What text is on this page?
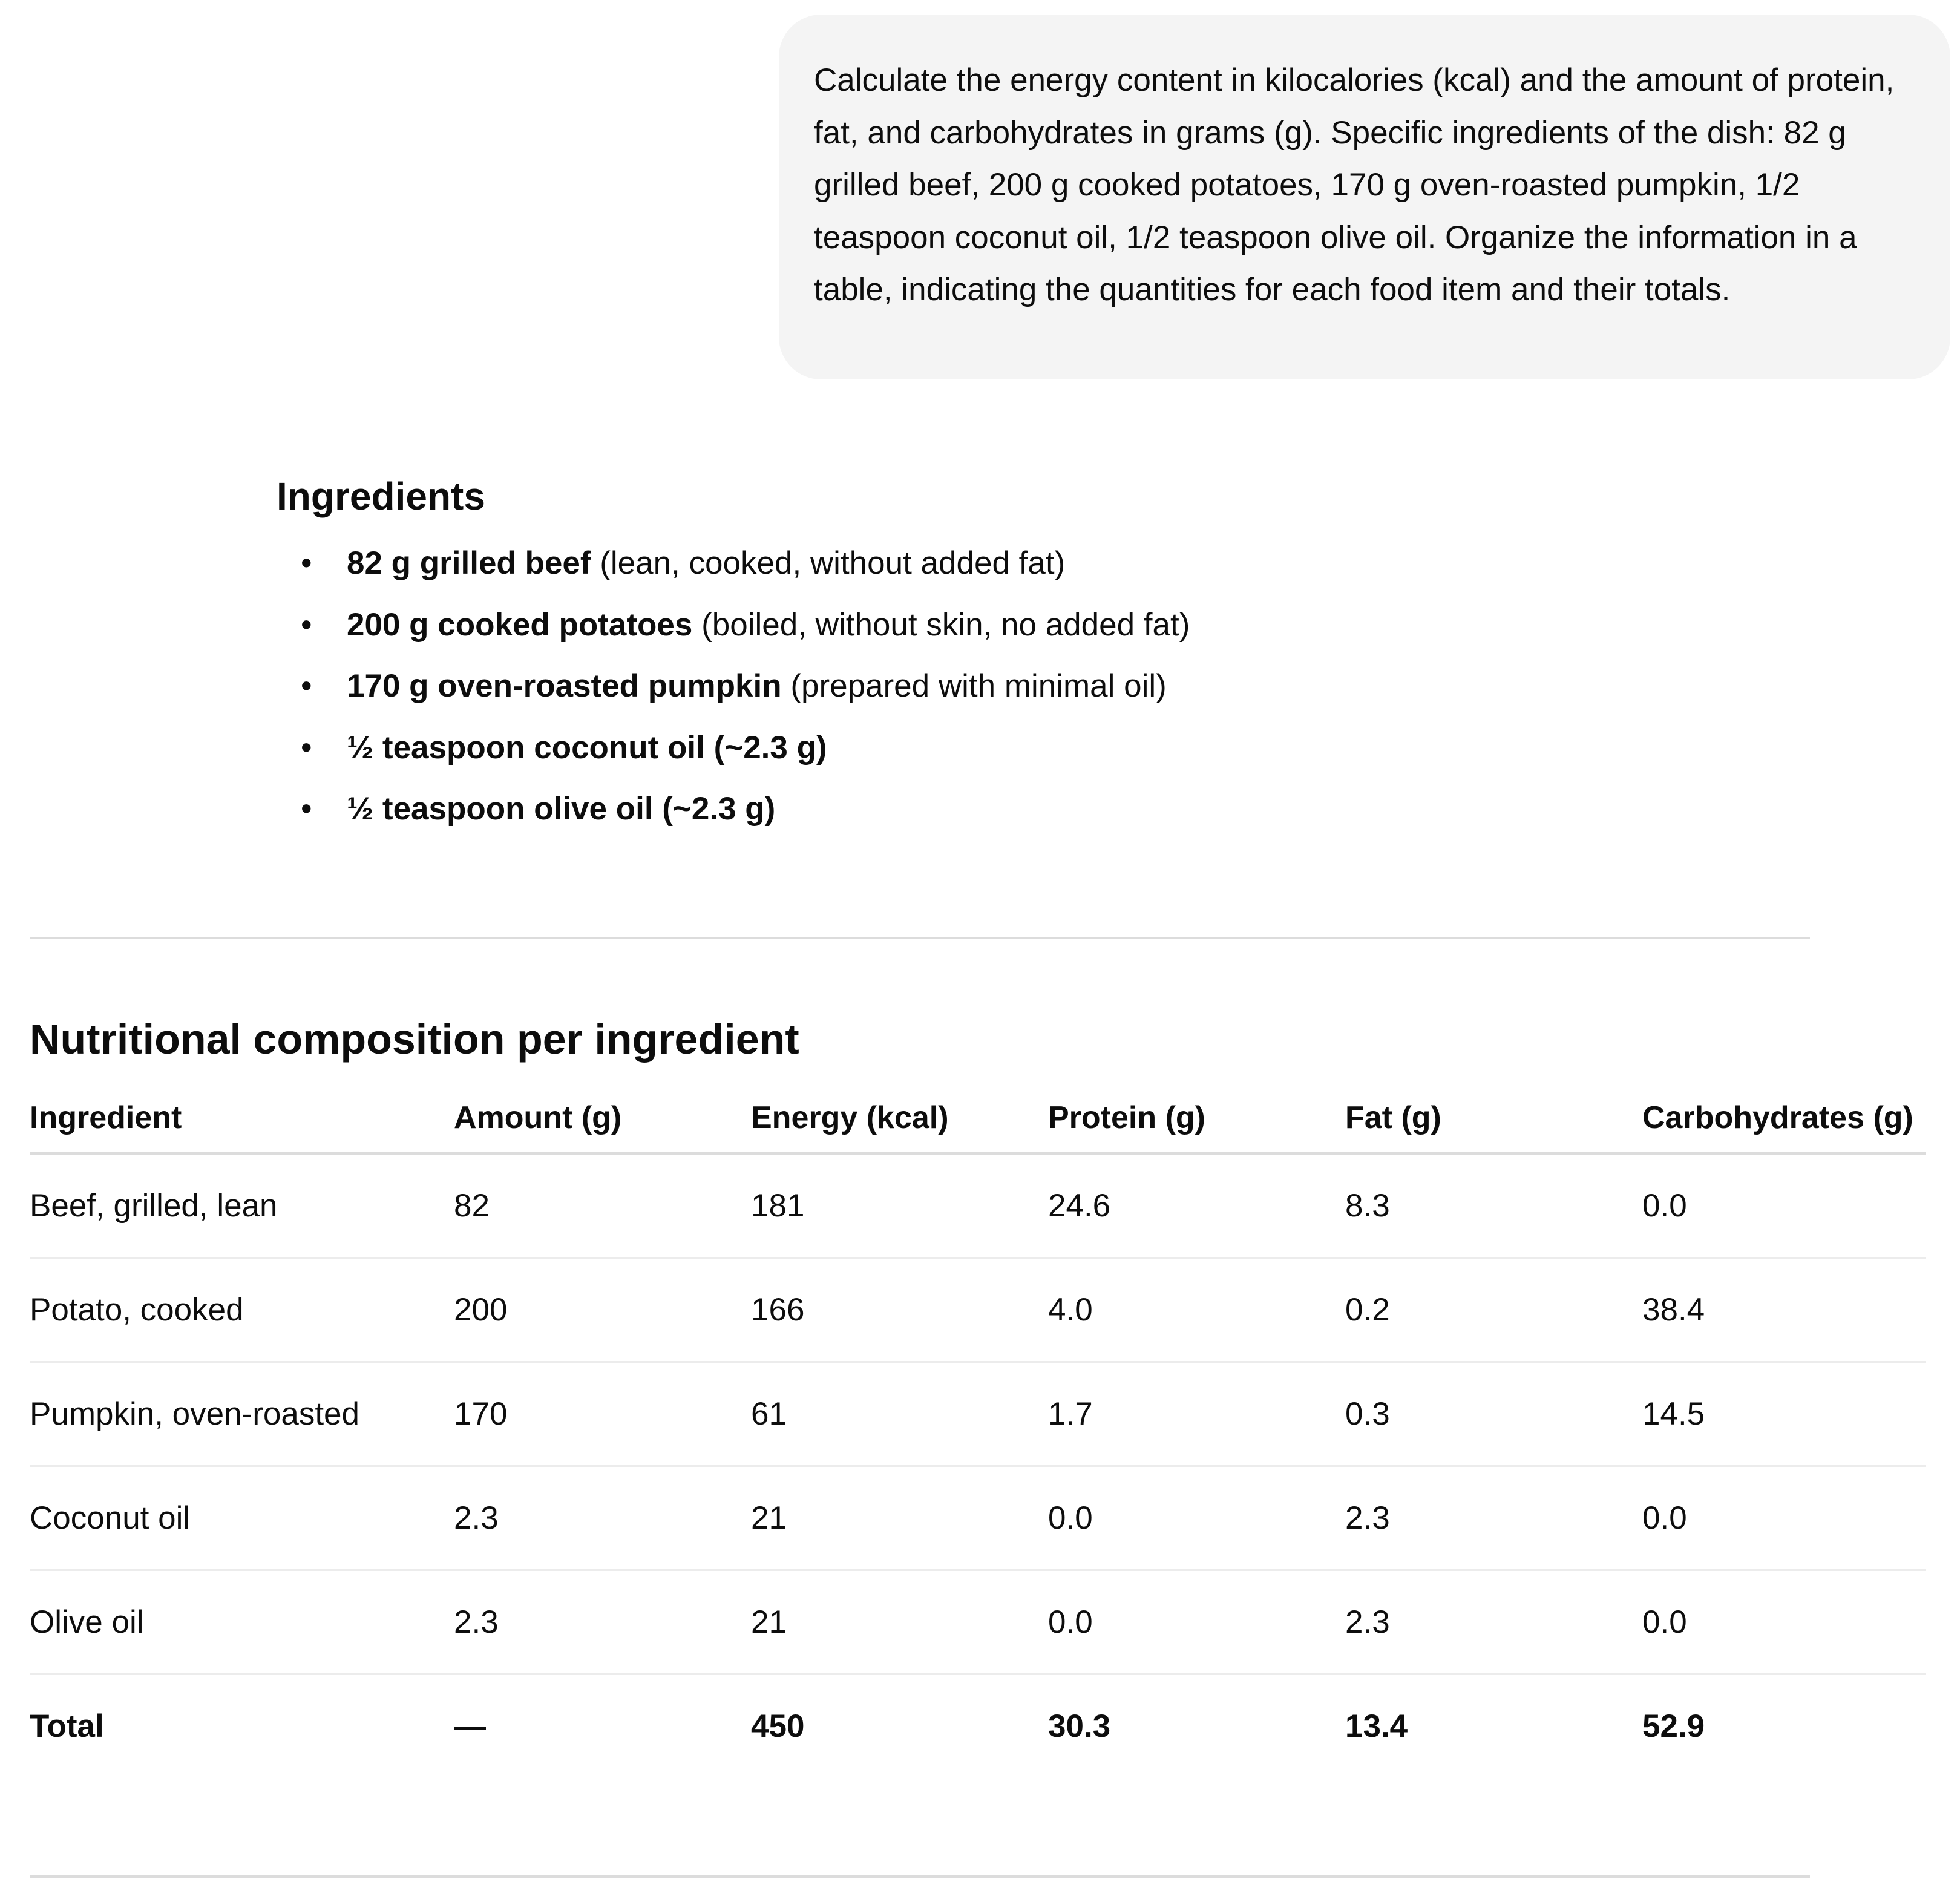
Calculate the energy content in kilocalories (kcal) and the amount of protein, fat, and carbohydrates in grams (g). Specific ingredients of the dish: 82 g grilled beef, 200 g cooked potatoes, 170 g oven-roasted pumpkin, 1/2 teaspoon coconut oil, 1/2 teaspoon olive oil. Organize the information in a table, indicating the quantities for each food item and their totals.
Ingredients
• 82 g grilled beef (lean, cooked, without added fat)
• 200 g cooked potatoes (boiled, without skin, no added fat)
• 170 g oven-roasted pumpkin (prepared with minimal oil)
• ½ teaspoon coconut oil (~2.3 g)
• ½ teaspoon olive oil (~2.3 g)
Nutritional composition per ingredient
Ingredient	Amount (g)	Energy (kcal)	Protein (g)	Fat (g)	Carbohydrates (g)
Beef, grilled, lean	82	181	24.6	8.3	0.0
Potato, cooked	200	166	4.0	0.2	38.4
Pumpkin, oven-roasted	170	61	1.7	0.3	14.5
Coconut oil	2.3	21	0.0	2.3	0.0
Olive oil	2.3	21	0.0	2.3	0.0
Total	—	450	30.3	13.4	52.9
